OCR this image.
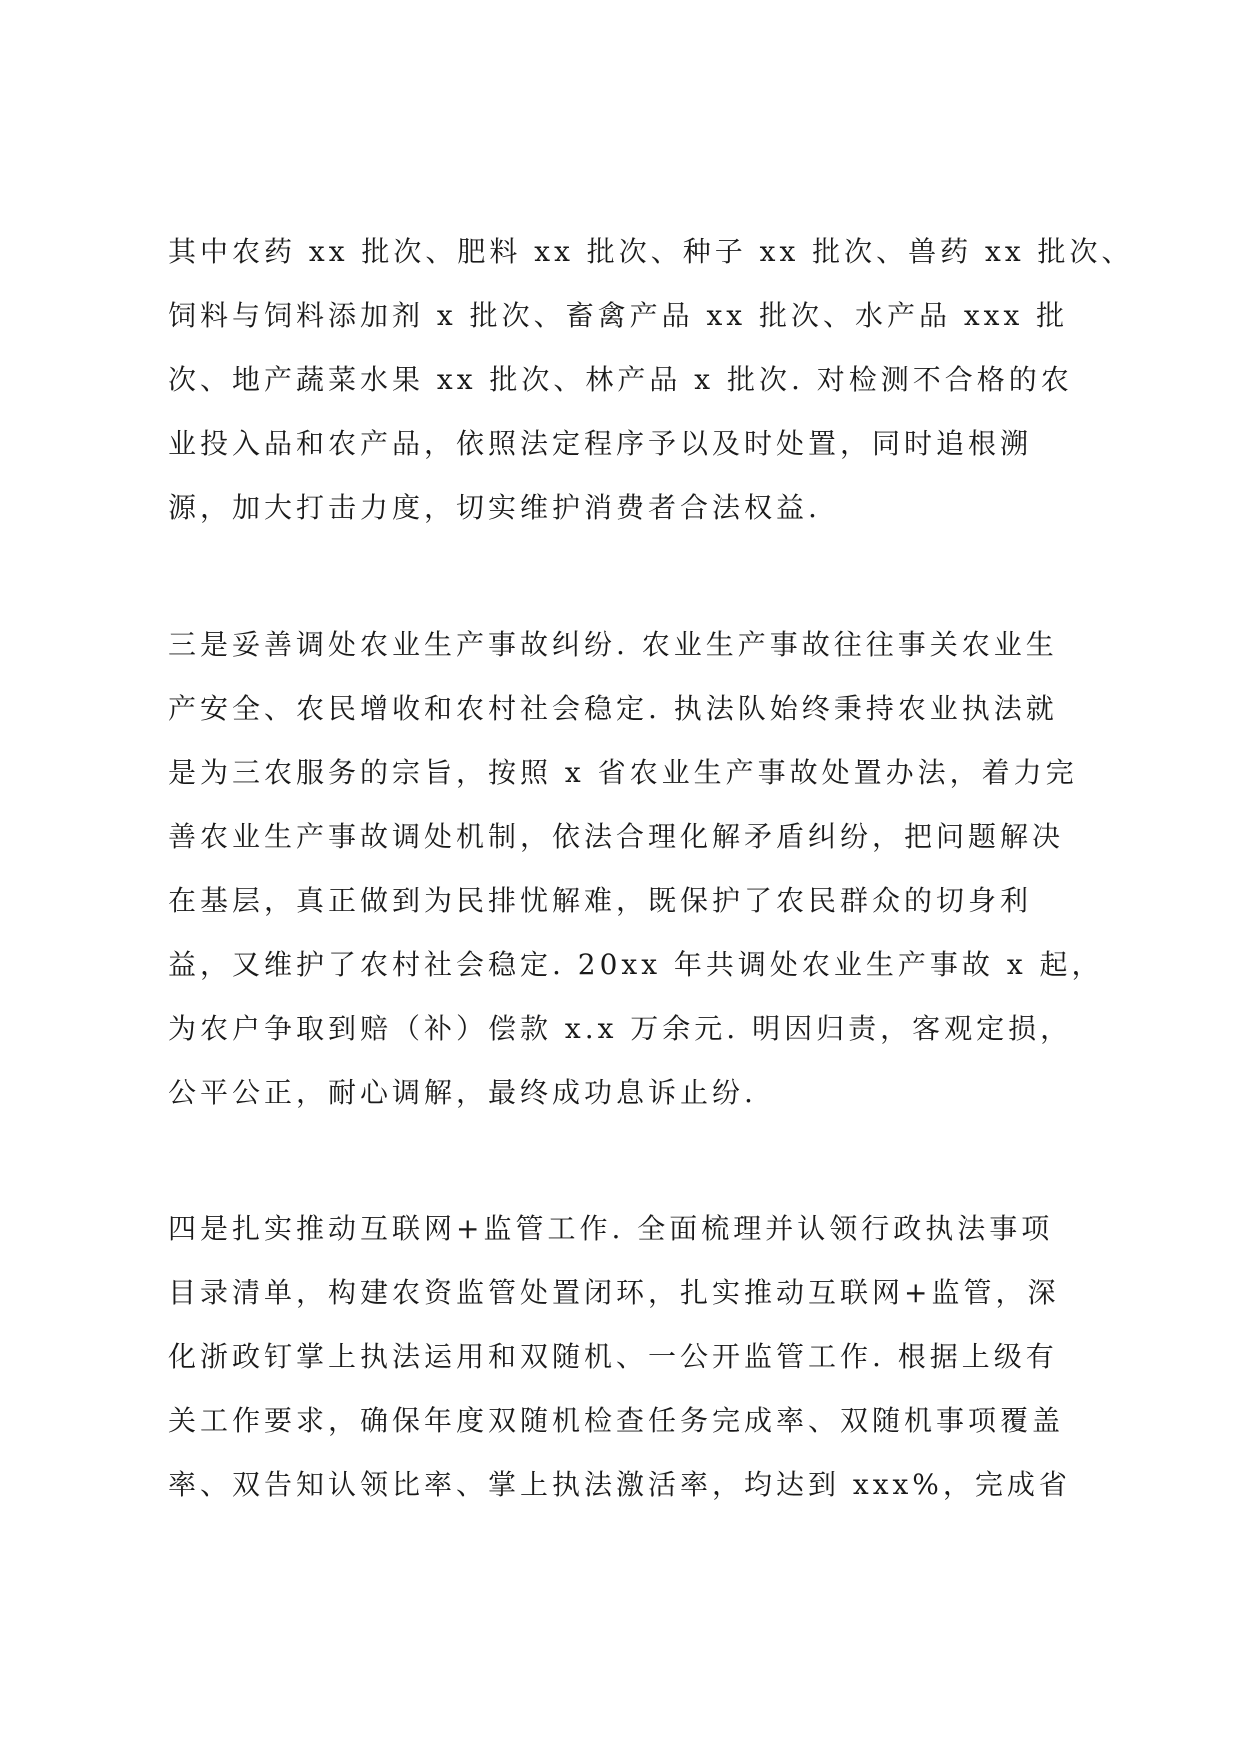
其中农药 xx 批次、肥料 xx 批次、种子 xx 批次、兽药 xx 批次、
饲料与饲料添加剂 x 批次、畜禽产品 xx 批次、水产品 xxx 批
次、地产蔬菜水果 xx 批次、林产品 x 批次. 对检测不合格的农
业投入品和农产品，依照法定程序予以及时处置，同时追根溯
源，加大打击力度，切实维护消费者合法权益.
三是妥善调处农业生产事故纠纷. 农业生产事故往往事关农业生
产安全、农民增收和农村社会稳定. 执法队始终秉持农业执法就
是为三农服务的宗旨，按照 x 省农业生产事故处置办法，着力完
善农业生产事故调处机制，依法合理化解矛盾纠纷，把问题解决
在基层，真正做到为民排忧解难，既保护了农民群众的切身利
益，又维护了农村社会稳定. 20xx 年共调处农业生产事故 x 起，
为农户争取到赔（补）偿款 x.x 万余元. 明因归责，客观定损，
公平公正，耐心调解，最终成功息诉止纷.
四是扎实推动互联网+监管工作. 全面梳理并认领行政执法事项
目录清单，构建农资监管处置闭环，扎实推动互联网+监管，深
化浙政钉掌上执法运用和双随机、一公开监管工作. 根据上级有
关工作要求，确保年度双随机检查任务完成率、双随机事项覆盖
率、双告知认领比率、掌上执法激活率，均达到 xxx%，完成省
